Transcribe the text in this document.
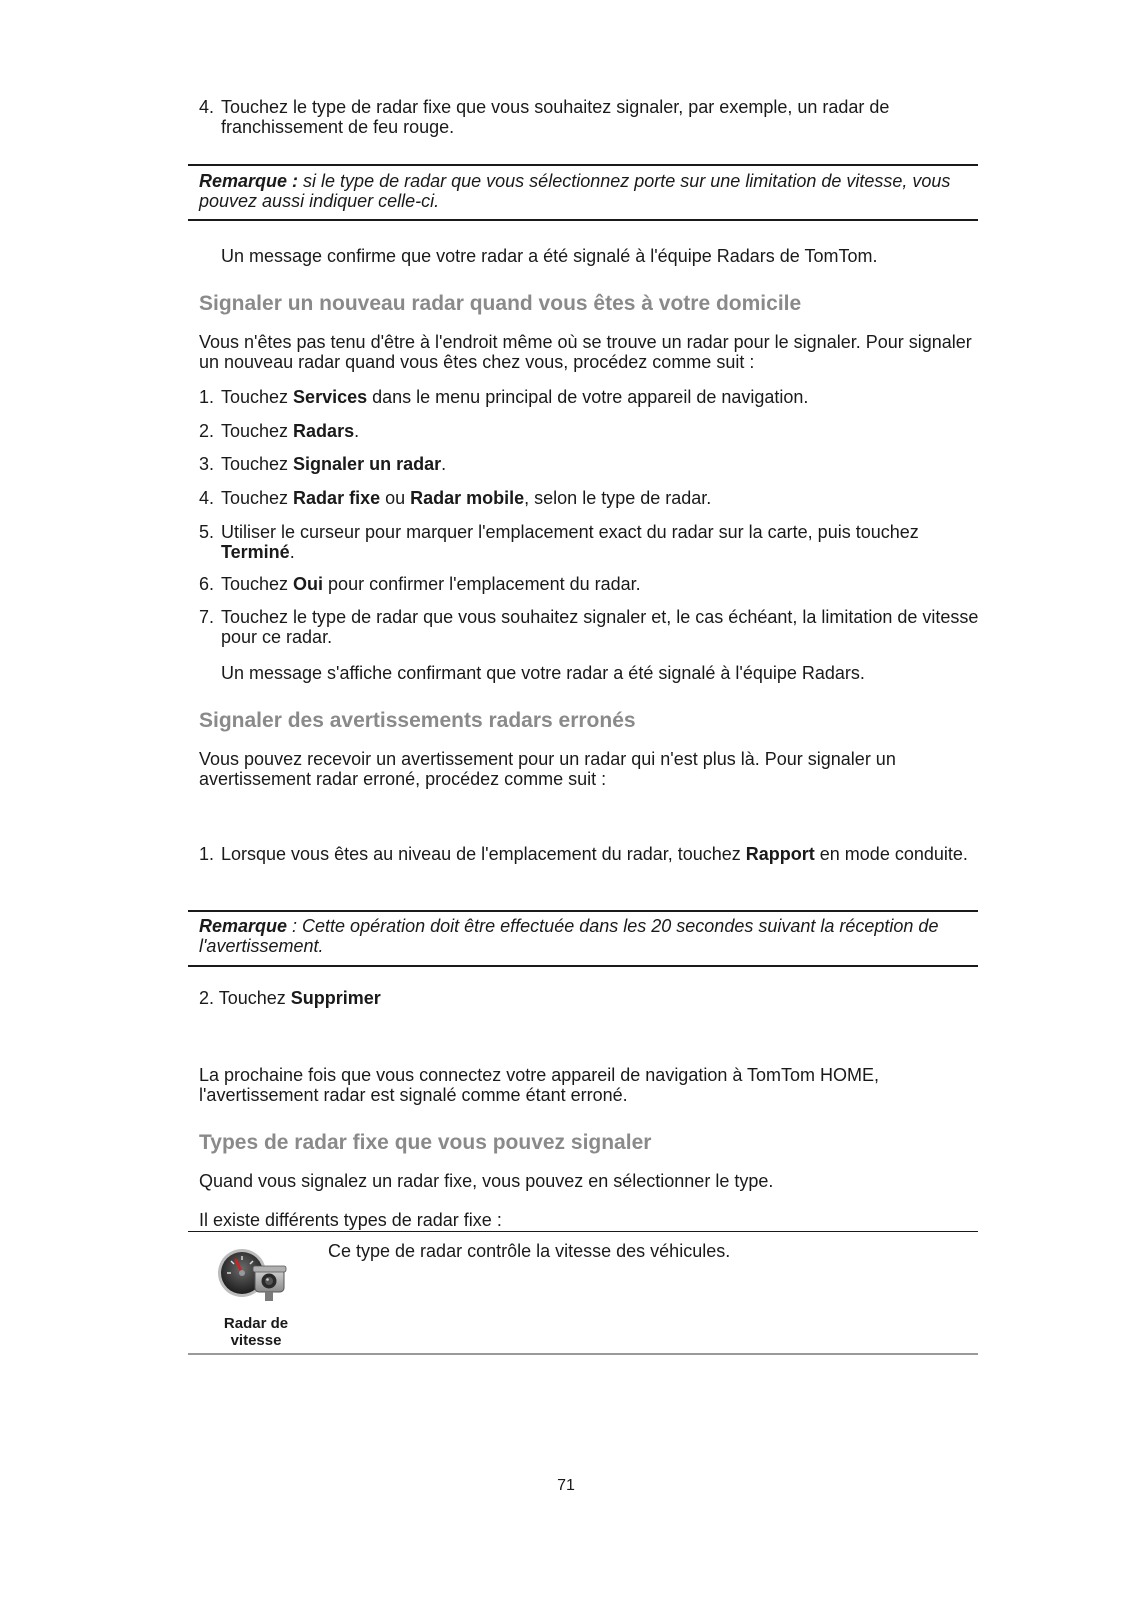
4. Touchez le type de radar fixe que vous souhaitez signaler, par exemple, un radar de franchissement de feu rouge.
Remarque : si le type de radar que vous sélectionnez porte sur une limitation de vitesse, vous pouvez aussi indiquer celle-ci.
Un message confirme que votre radar a été signalé à l'équipe Radars de TomTom.
Signaler un nouveau radar quand vous êtes à votre domicile
Vous n'êtes pas tenu d'être à l'endroit même où se trouve un radar pour le signaler. Pour signaler un nouveau radar quand vous êtes chez vous, procédez comme suit :
1. Touchez Services dans le menu principal de votre appareil de navigation.
2. Touchez Radars.
3. Touchez Signaler un radar.
4. Touchez Radar fixe ou Radar mobile, selon le type de radar.
5. Utiliser le curseur pour marquer l'emplacement exact du radar sur la carte, puis touchez Terminé.
6. Touchez Oui pour confirmer l'emplacement du radar.
7. Touchez le type de radar que vous souhaitez signaler et, le cas échéant, la limitation de vitesse pour ce radar.
Un message s'affiche confirmant que votre radar a été signalé à l'équipe Radars.
Signaler des avertissements radars erronés
Vous pouvez recevoir un avertissement pour un radar qui n'est plus là. Pour signaler un avertissement radar erroné, procédez comme suit :
1. Lorsque vous êtes au niveau de l'emplacement du radar, touchez Rapport en mode conduite.
Remarque : Cette opération doit être effectuée dans les 20 secondes suivant la réception de l'avertissement.
2. Touchez Supprimer
La prochaine fois que vous connectez votre appareil de navigation à TomTom HOME, l'avertissement radar est signalé comme étant erroné.
Types de radar fixe que vous pouvez signaler
Quand vous signalez un radar fixe, vous pouvez en sélectionner le type.
Il existe différents types de radar fixe :
Radar de
vitesse
Ce type de radar contrôle la vitesse des véhicules.
71
